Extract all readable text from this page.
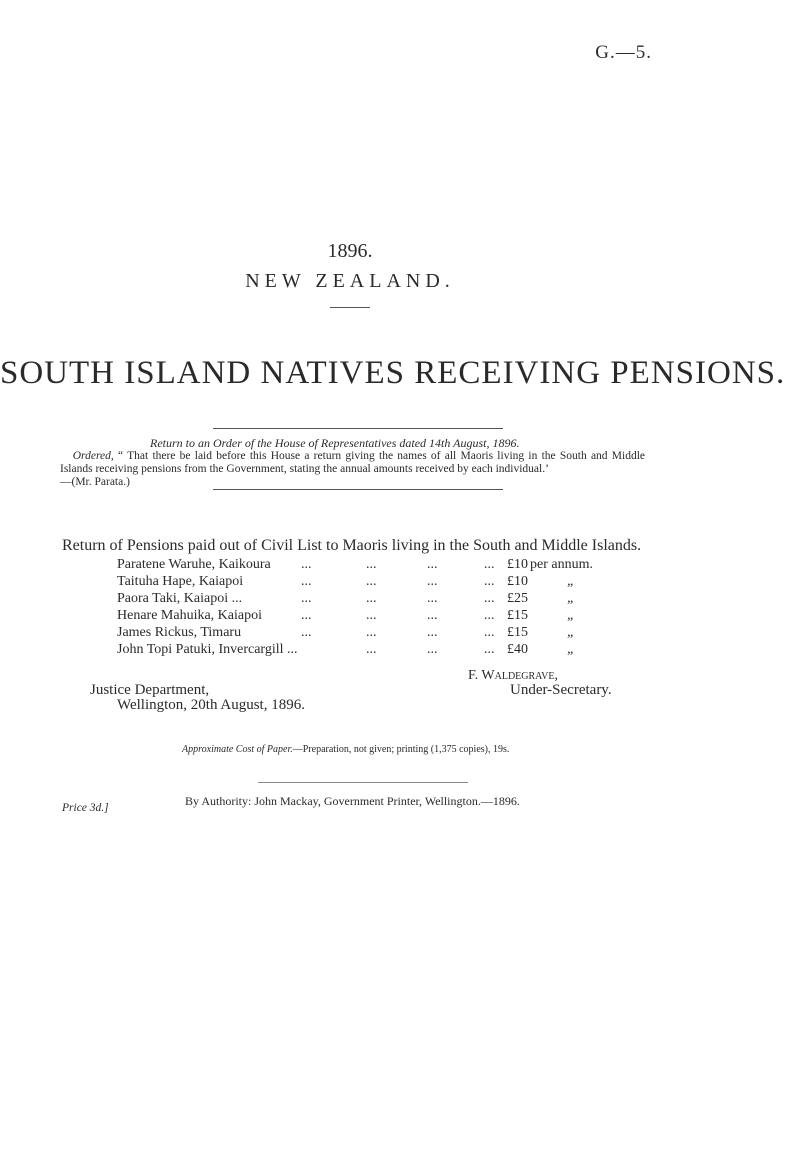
G.—5.
1896.
NEW ZEALAND.
SOUTH ISLAND NATIVES RECEIVING PENSIONS.
Return to an Order of the House of Representatives dated 14th August, 1896.
Ordered, “ That there be laid before this House a return giving the names of all Maoris living in the South and Middle Islands receiving pensions from the Government, stating the annual amounts received by each individual.’
—(Mr. Parata.)
Return of Pensions paid out of Civil List to Maoris living in the South and Middle Islands.
Paratene Waruhe, Kaikoura ...	...	...	... £10 per annum.
Taituha Hape, Kaiapoi	...	...	...	... £10	„
Paora Taki, Kaiapoi ...	...	...	...	... £25	„
Henare Mahuika, Kaiapoi	...	...	...	... £15	„
James Rickus, Timaru	...	...	...	... £15	„
John Topi Patuki, Invercargill ...	...	...	... £40	„
F. Waldegrave,
Under-Secretary.
Justice Department,
Wellington, 20th August, 1896.
Approximate Cost of Paper.—Preparation, not given; printing (1,375 copies), 19s.
By Authority: John Mackay, Government Printer, Wellington.—1896.
Price 3d.]
